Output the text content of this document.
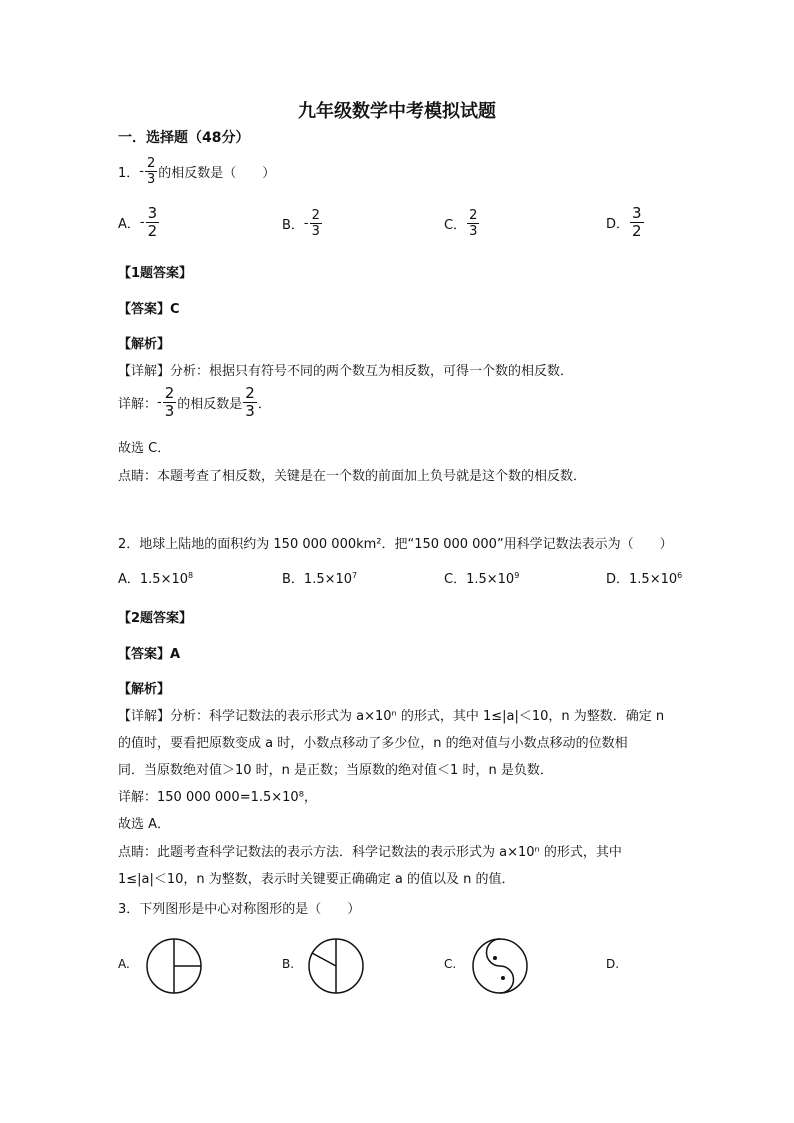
九年级数学中考模拟试题
一．选择题（48分）
1．- $\frac{2}{3}$ 的相反数是（　　）
A．- $\frac{3}{2}$	B．- $\frac{2}{3}$	C． $\frac{2}{3}$	D． $\frac{3}{2}$
【1题答案】
【答案】C
【解析】
【详解】分析：根据只有符号不同的两个数互为相反数，可得一个数的相反数．
详解：- $\frac{2}{3}$ 的相反数是 $\frac{2}{3}$ ．
故选 C．
点睛：本题考查了相反数，关键是在一个数的前面加上负号就是这个数的相反数．
2．地球上陆地的面积约为 150 000 000km²．把“150 000 000”用科学记数法表示为（　　）
A．$1.5\times 10^8$	B．$1.5\times 10^7$	C．$1.5\times 10^9$	D．$1.5\times 10^6$
【2题答案】
【答案】A
【解析】
【详解】分析：科学记数法的表示形式为 a×10ⁿ 的形式，其中 1≤|a|＜10，n 为整数．确定 n
的值时，要看把原数变成 a 时，小数点移动了多少位，n 的绝对值与小数点移动的位数相
同．当原数绝对值＞10 时，n 是正数；当原数的绝对值＜1 时，n 是负数．
详解：150 000 000=1.5×10⁸，
故选 A．
点睛：此题考查科学记数法的表示方法．科学记数法的表示形式为 a×10ⁿ 的形式，其中
1≤|a|＜10，n 为整数，表示时关键要正确确定 a 的值以及 n 的值．
3．下列图形是中心对称图形的是（　　）
A.	B.	C.	D.
